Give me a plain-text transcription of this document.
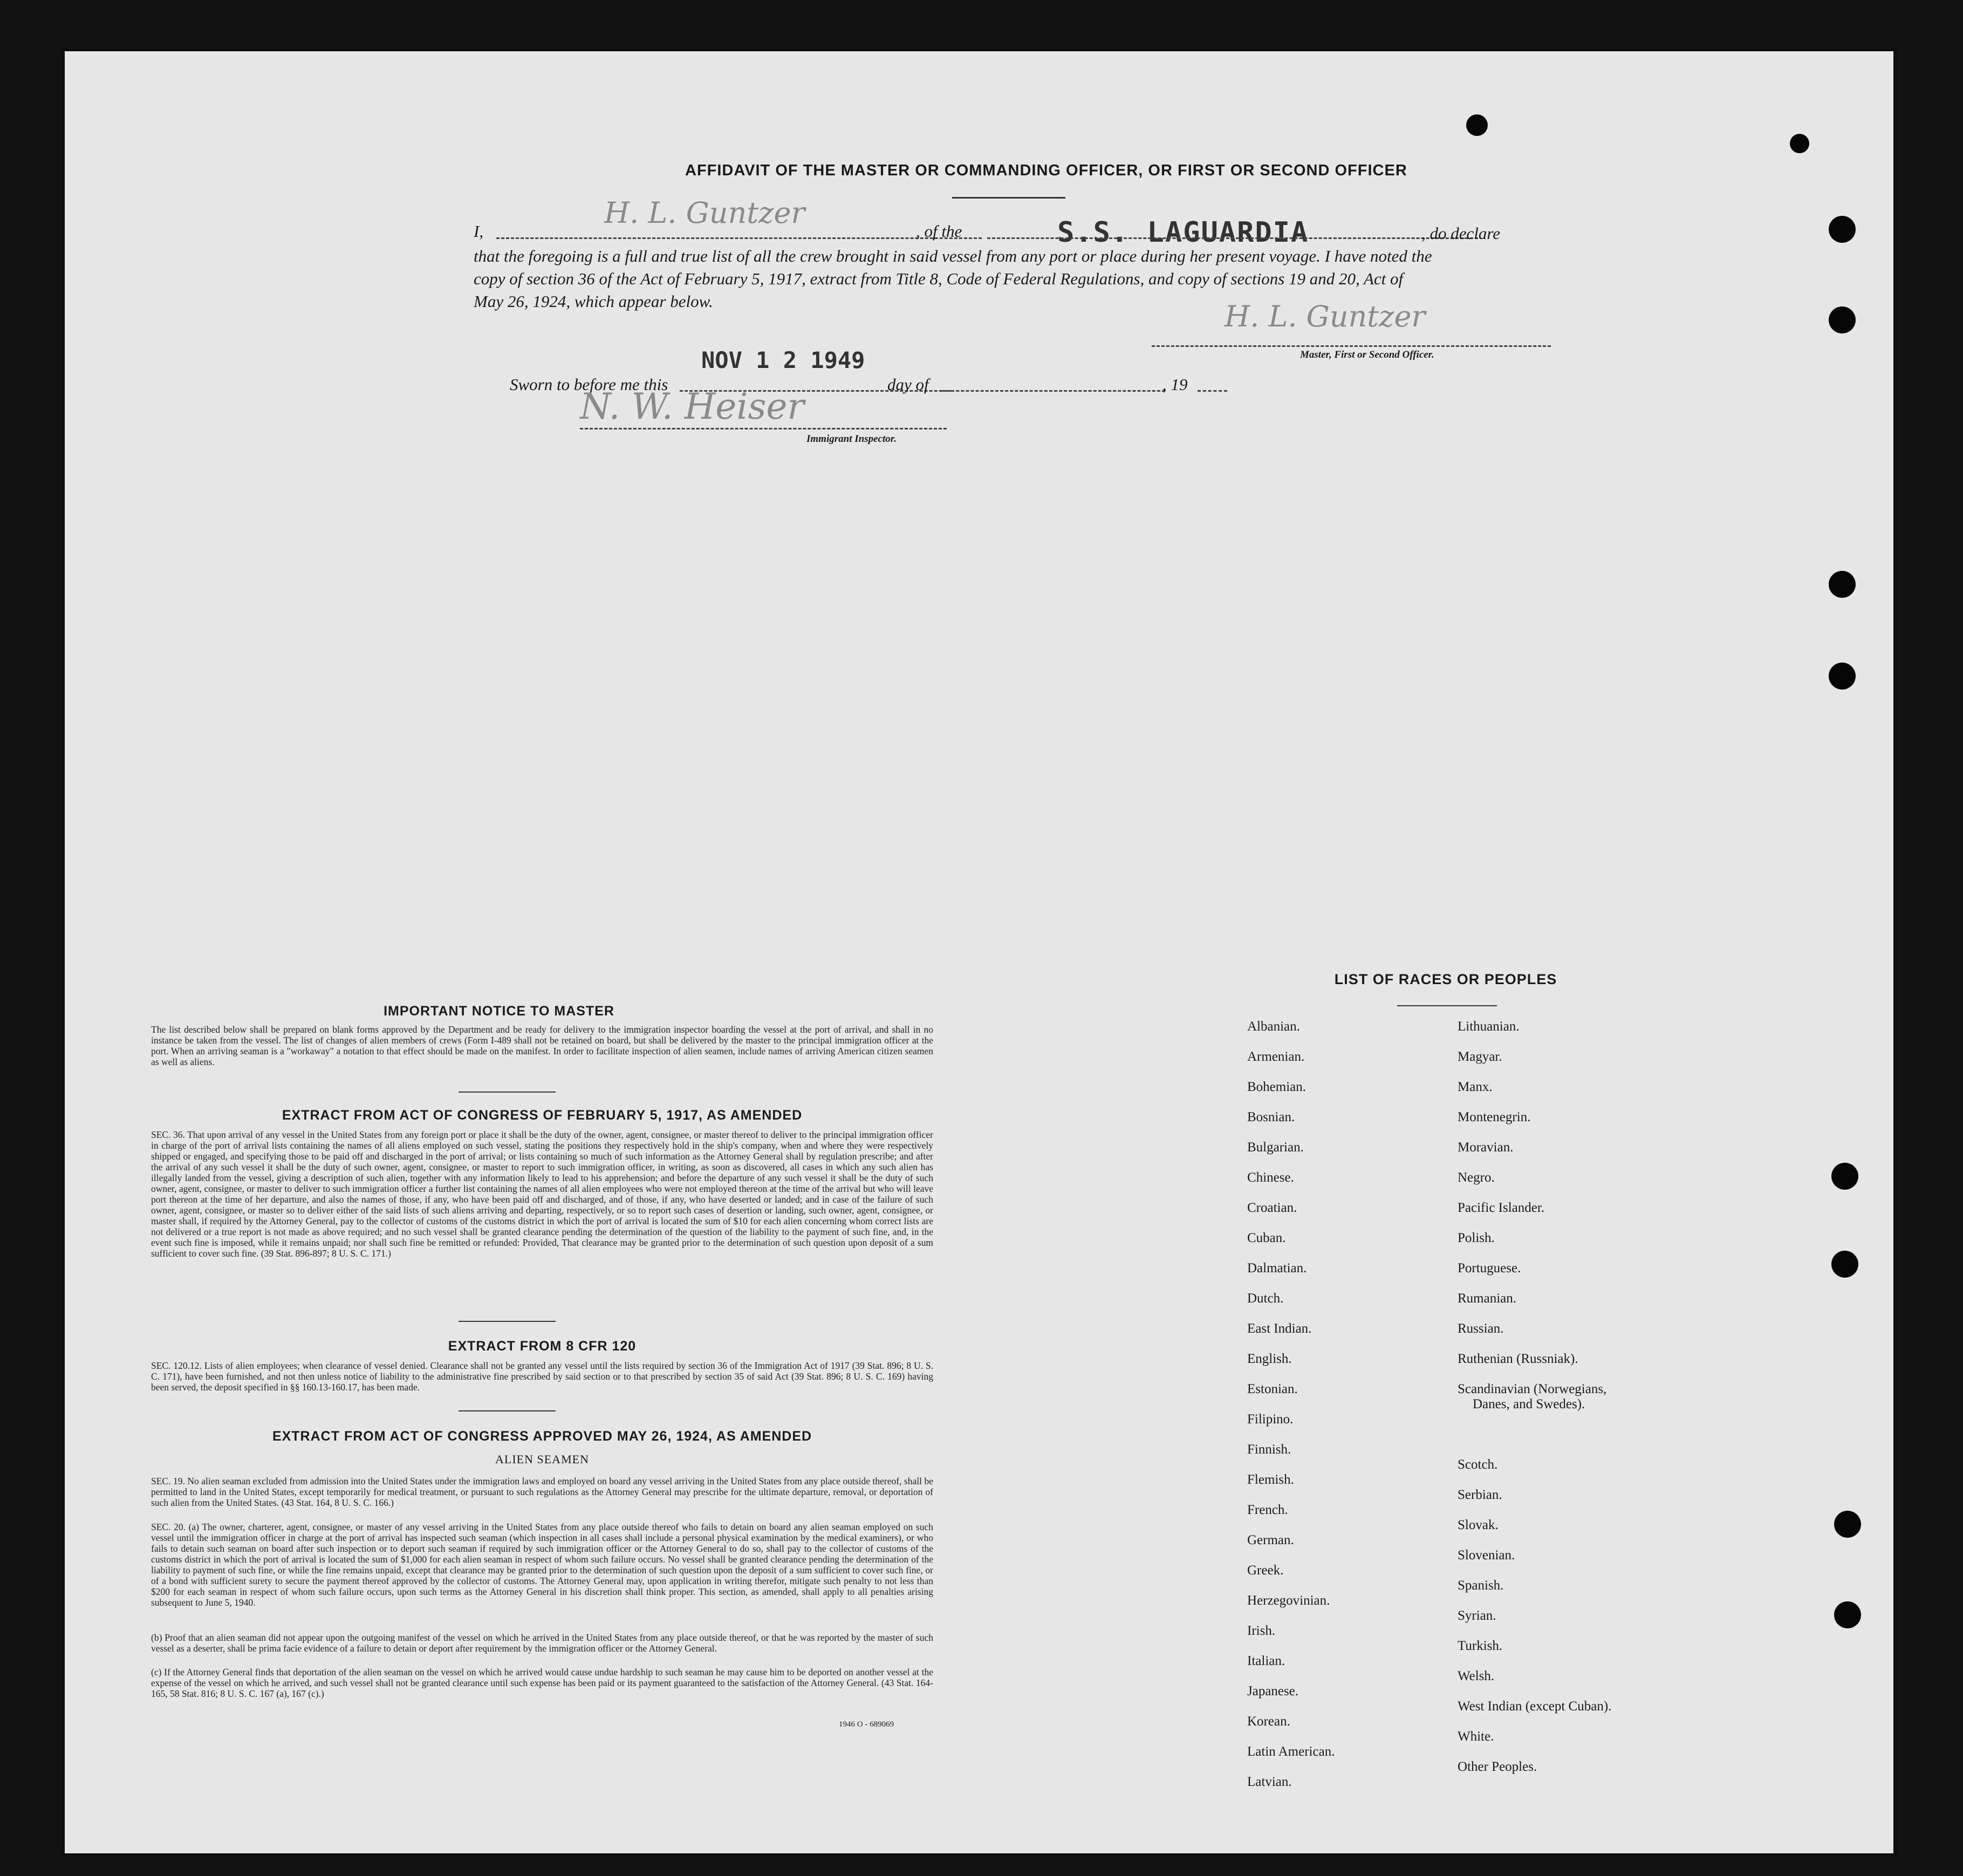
AFFIDAVIT OF THE MASTER OR COMMANDING OFFICER, OR FIRST OR SECOND OFFICER
I,
H. L. Guntzer
, of the	S.S. LAGUARDIA	, do declare
that the foregoing is a full and true list of all the crew brought in said vessel from any port or place during her present voyage. I have noted the
copy of section 36 of the Act of February 5, 1917, extract from Title 8, Code of Federal Regulations, and copy of sections 19 and 20, Act of
May 26, 1924, which appear below.	H. L. Guntzer
Master, First or Second Officer.
NOV 1 2 1949
Sworn to before me this	day of	, 19
N. W. Heiser
Immigrant Inspector.
IMPORTANT NOTICE TO MASTER
The list described below shall be prepared on blank forms approved by the Department and be ready for delivery to the immigration inspector boarding the vessel at the port of arrival, and shall in no instance be taken from the vessel. The list of changes of alien members of crews (Form I-489 shall not be retained on board, but shall be delivered by the master to the principal immigration officer at the port. When an arriving seaman is a "workaway" a notation to that effect should be made on the manifest. In order to facilitate inspection of alien seamen, include names of arriving American citizen seamen as well as aliens.
EXTRACT FROM ACT OF CONGRESS OF FEBRUARY 5, 1917, AS AMENDED
SEC. 36. That upon arrival of any vessel in the United States from any foreign port or place it shall be the duty of the owner, agent, consignee, or master thereof to deliver to the principal immigration officer in charge of the port of arrival lists containing the names of all aliens employed on such vessel, stating the positions they respectively hold in the ship's company, when and where they were respectively shipped or engaged, and specifying those to be paid off and discharged in the port of arrival; or lists containing so much of such information as the Attorney General shall by regulation prescribe; and after the arrival of any such vessel it shall be the duty of such owner, agent, consignee, or master to report to such immigration officer, in writing, as soon as discovered, all cases in which any such alien has illegally landed from the vessel, giving a description of such alien, together with any information likely to lead to his apprehension; and before the departure of any such vessel it shall be the duty of such owner, agent, consignee, or master to deliver to such immigration officer a further list containing the names of all alien employees who were not employed thereon at the time of the arrival but who will leave port thereon at the time of her departure, and also the names of those, if any, who have been paid off and discharged, and of those, if any, who have deserted or landed; and in case of the failure of such owner, agent, consignee, or master so to deliver either of the said lists of such aliens arriving and departing, respectively, or so to report such cases of desertion or landing, such owner, agent, consignee, or master shall, if required by the Attorney General, pay to the collector of customs of the customs district in which the port of arrival is located the sum of $10 for each alien concerning whom correct lists are not delivered or a true report is not made as above required; and no such vessel shall be granted clearance pending the determination of the question of the liability to the payment of such fine, and, in the event such fine is imposed, while it remains unpaid; nor shall such fine be remitted or refunded: Provided, That clearance may be granted prior to the determination of such question upon deposit of a sum sufficient to cover such fine. (39 Stat. 896-897; 8 U. S. C. 171.)
EXTRACT FROM 8 CFR 120
SEC. 120.12. Lists of alien employees; when clearance of vessel denied. Clearance shall not be granted any vessel until the lists required by section 36 of the Immigration Act of 1917 (39 Stat. 896; 8 U. S. C. 171), have been furnished, and not then unless notice of liability to the administrative fine prescribed by said section or to that prescribed by section 35 of said Act (39 Stat. 896; 8 U. S. C. 169) having been served, the deposit specified in §§ 160.13-160.17, has been made.
EXTRACT FROM ACT OF CONGRESS APPROVED MAY 26, 1924, AS AMENDED
ALIEN SEAMEN
SEC. 19. No alien seaman excluded from admission into the United States under the immigration laws and employed on board any vessel arriving in the United States from any place outside thereof, shall be permitted to land in the United States, except temporarily for medical treatment, or pursuant to such regulations as the Attorney General may prescribe for the ultimate departure, removal, or deportation of such alien from the United States. (43 Stat. 164, 8 U. S. C. 166.)
SEC. 20. (a) The owner, charterer, agent, consignee, or master of any vessel arriving in the United States from any place outside thereof who fails to detain on board any alien seaman employed on such vessel until the immigration officer in charge at the port of arrival has inspected such seaman (which inspection in all cases shall include a personal physical examination by the medical examiners), or who fails to detain such seaman on board after such inspection or to deport such seaman if required by such immigration officer or the Attorney General to do so, shall pay to the collector of customs of the customs district in which the port of arrival is located the sum of $1,000 for each alien seaman in respect of whom such failure occurs. No vessel shall be granted clearance pending the determination of the liability to payment of such fine, or while the fine remains unpaid, except that clearance may be granted prior to the determination of such question upon the deposit of a sum sufficient to cover such fine, or of a bond with sufficient surety to secure the payment thereof approved by the collector of customs. The Attorney General may, upon application in writing therefor, mitigate such penalty to not less than $200 for each seaman in respect of whom such failure occurs, upon such terms as the Attorney General in his discretion shall think proper. This section, as amended, shall apply to all penalties arising subsequent to June 5, 1940.
(b) Proof that an alien seaman did not appear upon the outgoing manifest of the vessel on which he arrived in the United States from any place outside thereof, or that he was reported by the master of such vessel as a deserter, shall be prima facie evidence of a failure to detain or deport after requirement by the immigration officer or the Attorney General.
(c) If the Attorney General finds that deportation of the alien seaman on the vessel on which he arrived would cause undue hardship to such seaman he may cause him to be deported on another vessel at the expense of the vessel on which he arrived, and such vessel shall not be granted clearance until such expense has been paid or its payment guaranteed to the satisfaction of the Attorney General. (43 Stat. 164-165, 58 Stat. 816; 8 U. S. C. 167 (a), 167 (c).)
1946 O - 689069
LIST OF RACES OR PEOPLES
Albanian.
Armenian.
Bohemian.
Bosnian.
Bulgarian.
Chinese.
Croatian.
Cuban.
Dalmatian.
Dutch.
East Indian.
English.
Estonian.
Filipino.
Finnish.
Flemish.
French.
German.
Greek.
Herzegovinian.
Irish.
Italian.
Japanese.
Korean.
Latin American.
Latvian.
Lithuanian.
Magyar.
Manx.
Montenegrin.
Moravian.
Negro.
Pacific Islander.
Polish.
Portuguese.
Rumanian.
Russian.
Ruthenian (Russniak).
Scandinavian (Norwegians,
Danes, and Swedes).
Scotch.
Serbian.
Slovak.
Slovenian.
Spanish.
Syrian.
Turkish.
Welsh.
West Indian (except Cuban).
White.
Other Peoples.
